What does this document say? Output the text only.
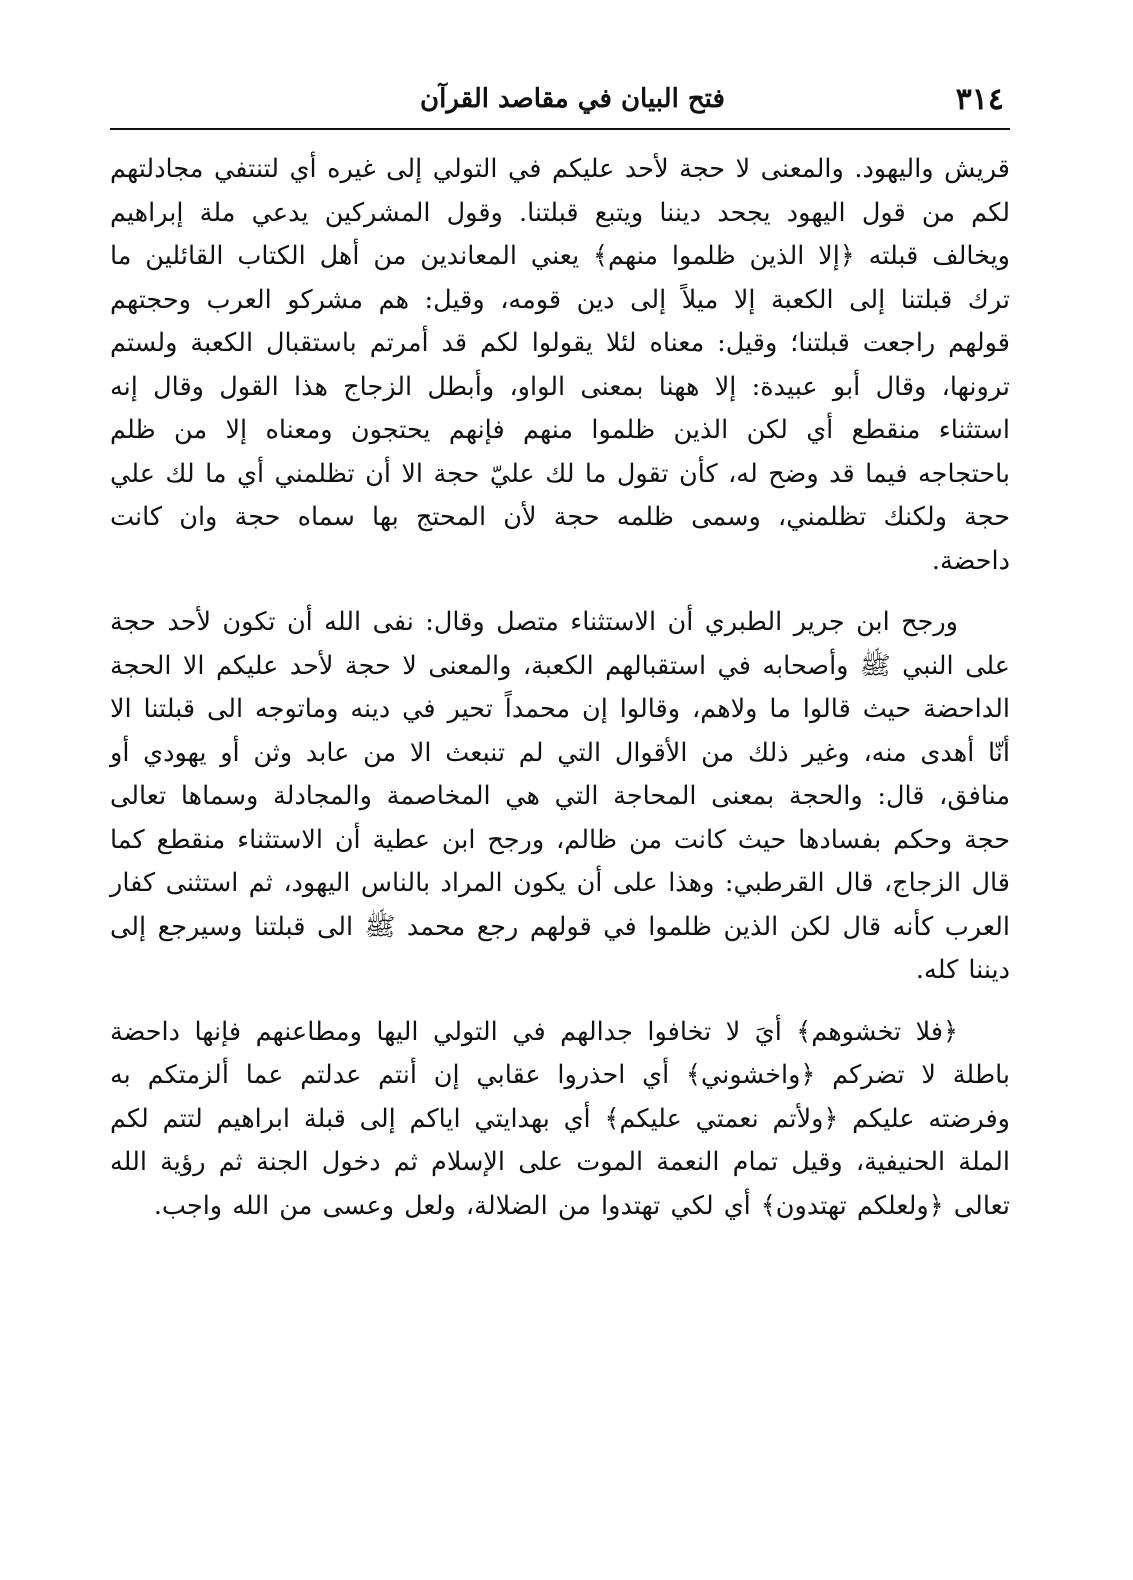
٣١٤
فتح البيان في مقاصد القرآن

قريش واليهود. والمعنى لا حجة لأحد عليكم في التولي إلى غيره أي لتنتفي مجادلتهم لكم من قول اليهود يجحد ديننا ويتبع قبلتنا. وقول المشركين يدعي ملة إبراهيم ويخالف قبلته ﴿إلا الذين ظلموا منهم﴾ يعني المعاندين من أهل الكتاب القائلين ما ترك قبلتنا إلى الكعبة إلا ميلاً إلى دين قومه، وقيل: هم مشركو العرب وحجتهم قولهم راجعت قبلتنا؛ وقيل: معناه لئلا يقولوا لكم قد أمرتم باستقبال الكعبة ولستم ترونها، وقال أبو عبيدة: إلا ههنا بمعنى الواو، وأبطل الزجاج هذا القول وقال إنه استثناء منقطع أي لكن الذين ظلموا منهم فإنهم يحتجون ومعناه إلا من ظلم باحتجاجه فيما قد وضح له، كأن تقول ما لك عليّ حجة الا أن تظلمني أي ما لك علي حجة ولكنك تظلمني، وسمى ظلمه حجة لأن المحتج بها سماه حجة وان كانت داحضة.

ورجح ابن جرير الطبري أن الاستثناء متصل وقال: نفى الله أن تكون لأحد حجة على النبي ﷺ وأصحابه في استقبالهم الكعبة، والمعنى لا حجة لأحد عليكم الا الحجة الداحضة حيث قالوا ما ولاهم، وقالوا إن محمداً تحير في دينه وماتوجه الى قبلتنا الا أنّا أهدى منه، وغير ذلك من الأقوال التي لم تنبعث الا من عابد وثن أو يهودي أو منافق، قال: والحجة بمعنى المحاجة التي هي المخاصمة والمجادلة وسماها تعالى حجة وحكم بفسادها حيث كانت من ظالم، ورجح ابن عطية أن الاستثناء منقطع كما قال الزجاج، قال القرطبي: وهذا على أن يكون المراد بالناس اليهود، ثم استثنى كفار العرب كأنه قال لكن الذين ظلموا في قولهم رجع محمد ﷺ الى قبلتنا وسيرجع إلى ديننا كله.

﴿فلا تخشوهم﴾ أيَ لا تخافوا جدالهم في التولي اليها ومطاعنهم فإنها داحضة باطلة لا تضركم ﴿واخشوني﴾ أي احذروا عقابي إن أنتم عدلتم عما ألزمتكم به وفرضته عليكم ﴿ولأتم نعمتي عليكم﴾ أي بهدايتي اياكم إلى قبلة ابراهيم لتتم لكم الملة الحنيفية، وقيل تمام النعمة الموت على الإسلام ثم دخول الجنة ثم رؤية الله تعالى ﴿ولعلكم تهتدون﴾ أي لكي تهتدوا من الضلالة، ولعل وعسى من الله واجب.
